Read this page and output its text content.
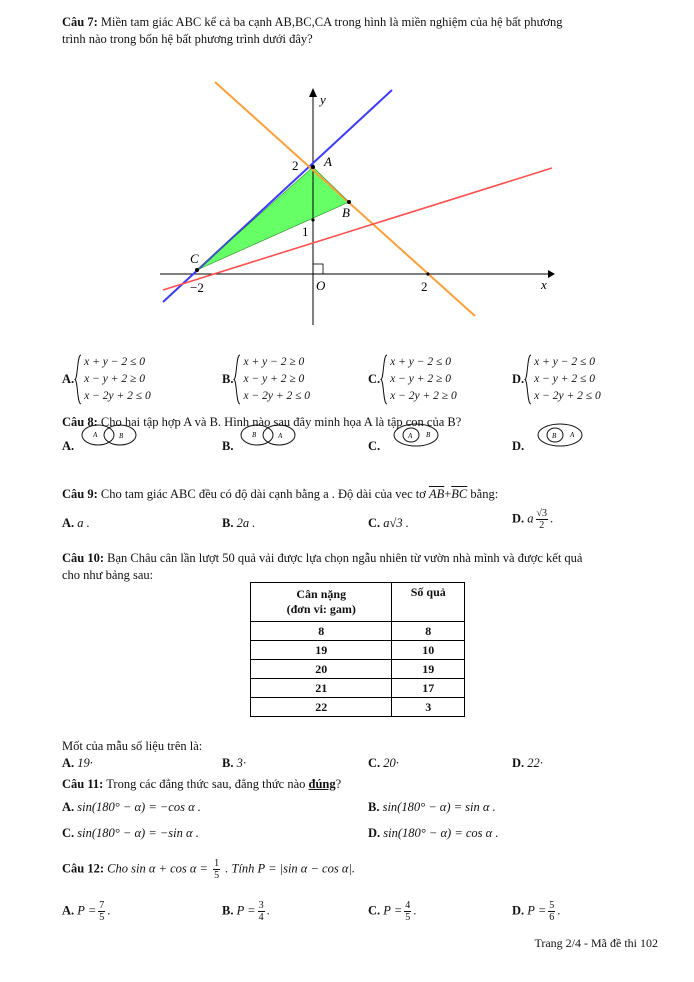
Câu 7: Miền tam giác ABC kể cả ba cạnh AB,BC,CA trong hình là miền nghiệm của hệ bất phương
trình nào trong bốn hệ bất phương trình dưới đây?
y
x
O
2
1
2
−2
A
B
C
A.
x + y − 2 ≤ 0
x − y + 2 ≥ 0
x − 2y + 2 ≤ 0
B.
x + y − 2 ≥ 0
x − y + 2 ≥ 0
x − 2y + 2 ≤ 0
C.
x + y − 2 ≤ 0
x − y + 2 ≥ 0
x − 2y + 2 ≥ 0
D.
x + y − 2 ≤ 0
x − y + 2 ≤ 0
x − 2y + 2 ≤ 0
Câu 8: Cho hai tập hợp A và B. Hình nào sau đây minh họa A là tập con của B?
A.
A	B
B.
B	A
C.
A B
D.
B A
Câu 9: Cho tam giác ABC đều có độ dài cạnh bằng a . Độ dài của vec tơ $\overline{AB}+\overline{BC}$ bằng:
A. a .	B. 2a .	C. a√3 .	D. a $\frac{√3}{2}$ .
Câu 10: Bạn Châu cân lần lượt 50 quả vải được lựa chọn ngẫu nhiên từ vườn nhà mình và được kết quả
cho như bảng sau:
Cân nặng
(đơn vi: gam)	Số quả
8	8
19	10
20	19
21	17
22	3
Mốt của mẫu số liệu trên là:
A. 19·	B. 3·	C. 20·	D. 22·
Câu 11: Trong các đẳng thức sau, đẳng thức nào đúng?
A. sin(180° − α) = −cos α .	B. sin(180° − α) = sin α .
C. sin(180° − α) = −sin α .	D. sin(180° − α) = cos α .
Câu 12: Cho $\sin \alpha + \cos \alpha = \frac{1}{5}$ . Tính P = |sin α − cos α|.
A. $P = \frac{7}{5}$ .	B. $P = \frac{3}{4}$ .	C. $P = \frac{4}{5}$ .	D. $P = \frac{5}{6}$ .
Trang 2/4 - Mã đề thi 102
